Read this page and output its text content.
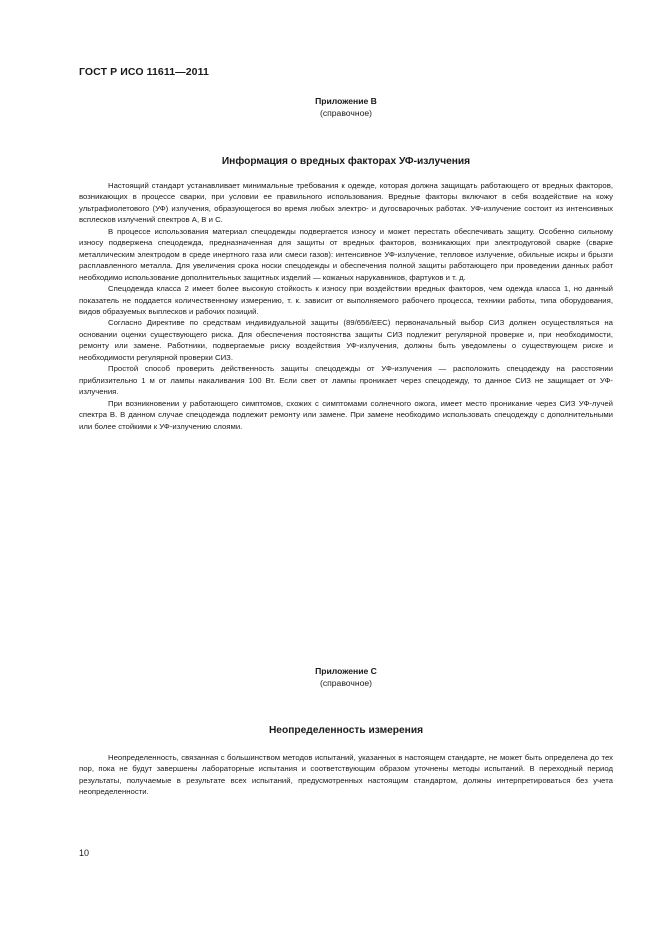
ГОСТ Р ИСО 11611—2011
Приложение В
(справочное)
Информация о вредных факторах УФ-излучения

Настоящий стандарт устанавливает минимальные требования к одежде, которая должна защищать работающего от вредных факторов, возникающих в процессе сварки, при условии ее правильного использования. Вредные факторы включают в себя воздействие на кожу ультрафиолетового (УФ) излучения, образующегося во время любых электро- и дугосварочных работах. УФ-излучение состоит из интенсивных всплесков излучений спектров А, В и С.

В процессе использования материал спецодежды подвергается износу и может перестать обеспечивать защиту. Особенно сильному износу подвержена спецодежда, предназначенная для защиты от вредных факторов, возникающих при электродуговой сварке (сварке металлическим электродом в среде инертного газа или смеси газов): интенсивное УФ-излучение, тепловое излучение, обильные искры и брызги расплавленного металла. Для увеличения срока носки спецодежды и обеспечения полной защиты работающего при проведении данных работ необходимо использование дополнительных защитных изделий — кожаных нарукавников, фартуков и т. д.

Спецодежда класса 2 имеет более высокую стойкость к износу при воздействии вредных факторов, чем одежда класса 1, но данный показатель не поддается количественному измерению, т. к. зависит от выполняемого рабочего процесса, техники работы, типа оборудования, видов образуемых выплесков и рабочих позиций.

Согласно Директиве по средствам индивидуальной защиты (89/656/ЕЕС) первоначальный выбор СИЗ должен осуществляться на основании оценки существующего риска. Для обеспечения постоянства защиты СИЗ подлежит регулярной проверке и, при необходимости, ремонту или замене. Работники, подвергаемые риску воздействия УФ-излучения, должны быть уведомлены о существующем риске и необходимости регулярной проверки СИЗ.

Простой способ проверить действенность защиты спецодежды от УФ-излучения — расположить спецодежду на расстоянии приблизительно 1 м от лампы накаливания 100 Вт. Если свет от лампы проникает через спецодежду, то данное СИЗ не защищает от УФ-излучения.

При возникновении у работающего симптомов, схожих с симптомами солнечного ожога, имеет место проникание через СИЗ УФ-лучей спектра В. В данном случае спецодежда подлежит ремонту или замене. При замене необходимо использовать спецодежду с дополнительными или более стойкими к УФ-излучению слоями.

Приложение С
(справочное)
Неопределенность измерения

Неопределенность, связанная с большинством методов испытаний, указанных в настоящем стандарте, не может быть определена до тех пор, пока не будут завершены лабораторные испытания и соответствующим образом уточнены методы испытаний. В переходный период результаты, получаемые в результате всех испытаний, предусмотренных настоящим стандартом, должны интерпретироваться без учета неопределенности.

10
